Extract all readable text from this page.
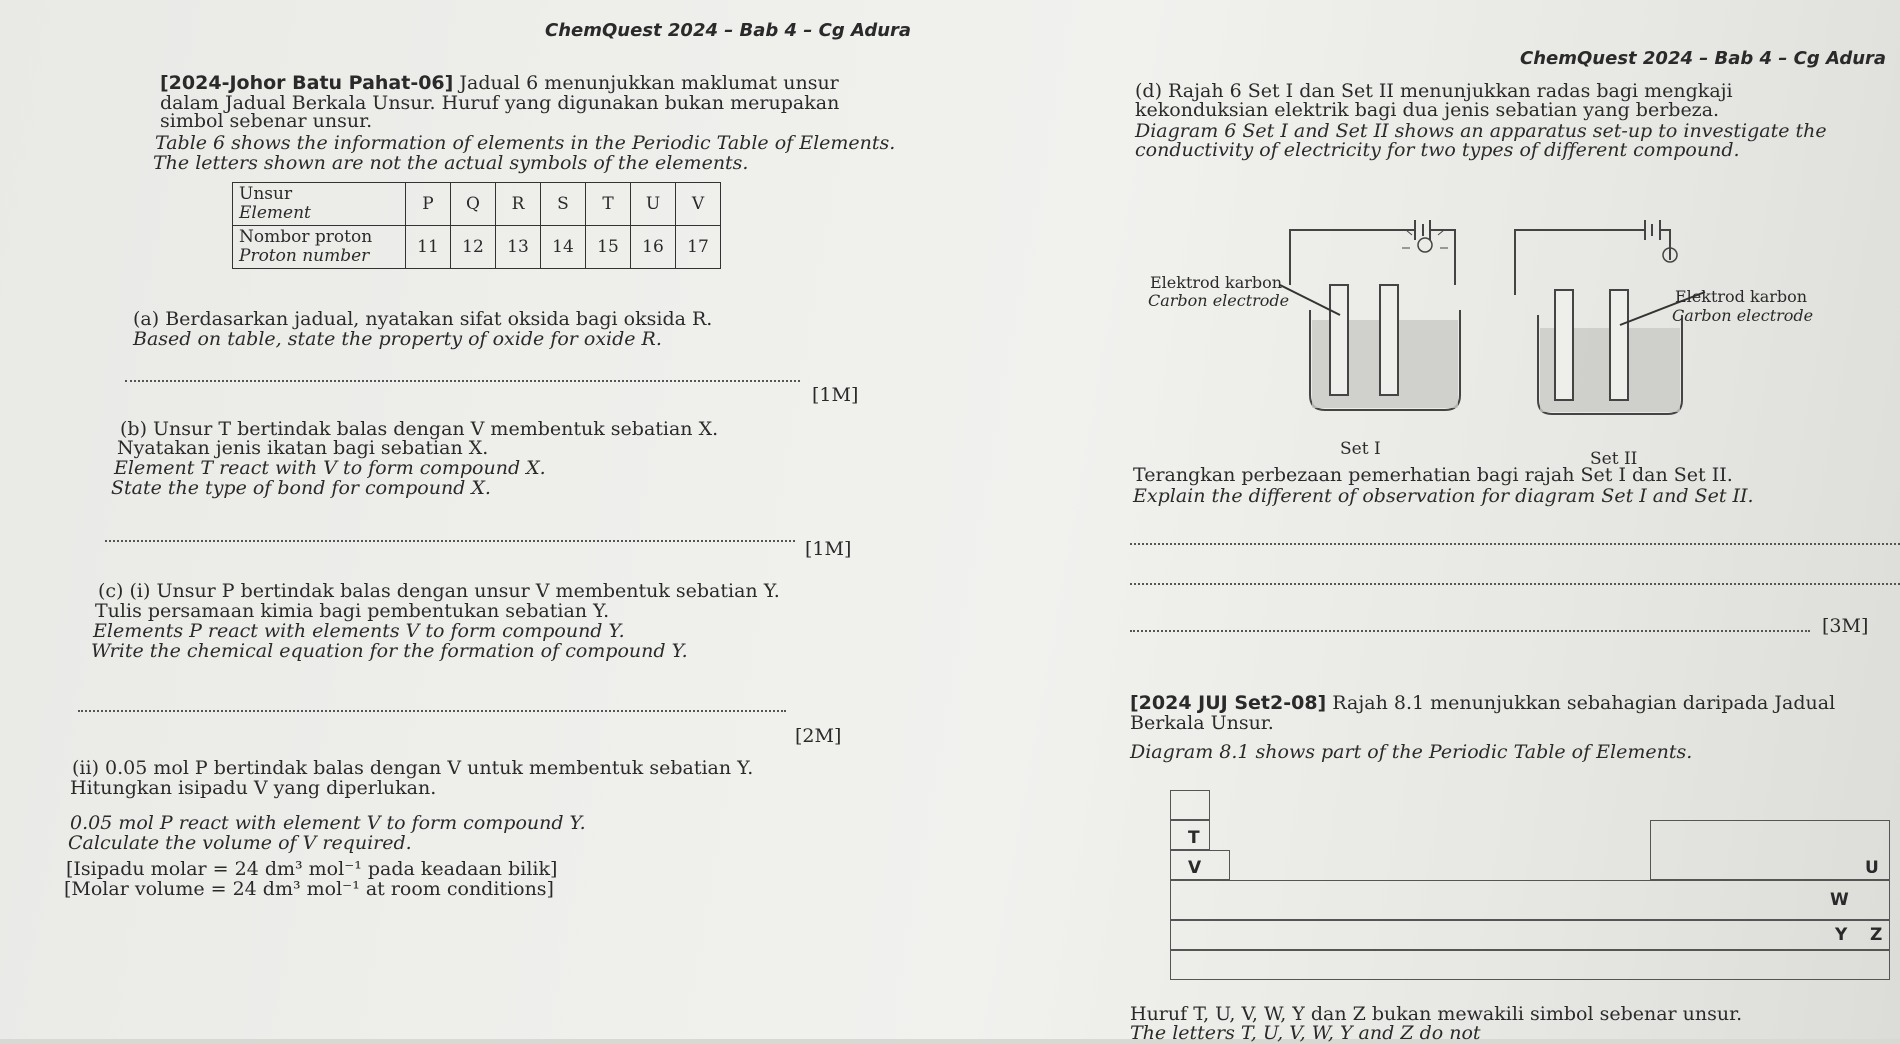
ChemQuest 2024 – Bab 4 – Cg Adura
[2024-Johor Batu Pahat-06] Jadual 6 menunjukkan maklumat unsur
dalam Jadual Berkala Unsur. Huruf yang digunakan bukan merupakan
simbol sebenar unsur.
Table 6 shows the information of elements in the Periodic Table of Elements.
The letters shown are not the actual symbols of the elements.
Unsur
Element	P	Q	R	S	T	U	V

Nombor proton
Proton number	11	12	13	14	15	16	17
(a) Berdasarkan jadual, nyatakan sifat oksida bagi oksida R.
Based on table, state the property of oxide for oxide R.
[1M]
(b) Unsur T bertindak balas dengan V membentuk sebatian X.
Nyatakan jenis ikatan bagi sebatian X.
Element T react with V to form compound X.
State the type of bond for compound X.
[1M]
(c) (i) Unsur P bertindak balas dengan unsur V membentuk sebatian Y.
Tulis persamaan kimia bagi pembentukan sebatian Y.
Elements P react with elements V to form compound Y.
Write the chemical equation for the formation of compound Y.
[2M]
(ii) 0.05 mol P bertindak balas dengan V untuk membentuk sebatian Y.
Hitungkan isipadu V yang diperlukan.
0.05 mol P react with element V to form compound Y.
Calculate the volume of V required.
[Isipadu molar = 24 dm³ mol⁻¹ pada keadaan bilik]
[Molar volume = 24 dm³ mol⁻¹ at room conditions]
ChemQuest 2024 – Bab 4 – Cg Adura
(d) Rajah 6 Set I dan Set II menunjukkan radas bagi mengkaji
kekonduksian elektrik bagi dua jenis sebatian yang berbeza.
Diagram 6 Set I and Set II shows an apparatus set-up to investigate the
conductivity of electricity for two types of different compound.
Elektrod karbon
Carbon electrode	Elektrod karbon
Carbon electrode
Set I	Set II
Terangkan perbezaan pemerhatian bagi rajah Set I dan Set II.
Explain the different of observation for diagram Set I and Set II.
[3M]
[2024 JUJ Set2-08] Rajah 8.1 menunjukkan sebahagian daripada Jadual
Berkala Unsur.
Diagram 8.1 shows part of the Periodic Table of Elements.
T
V	U
W
Y Z
Huruf T, U, V, W, Y dan Z bukan mewakili simbol sebenar unsur.
The letters T, U, V, W, Y and Z do not
